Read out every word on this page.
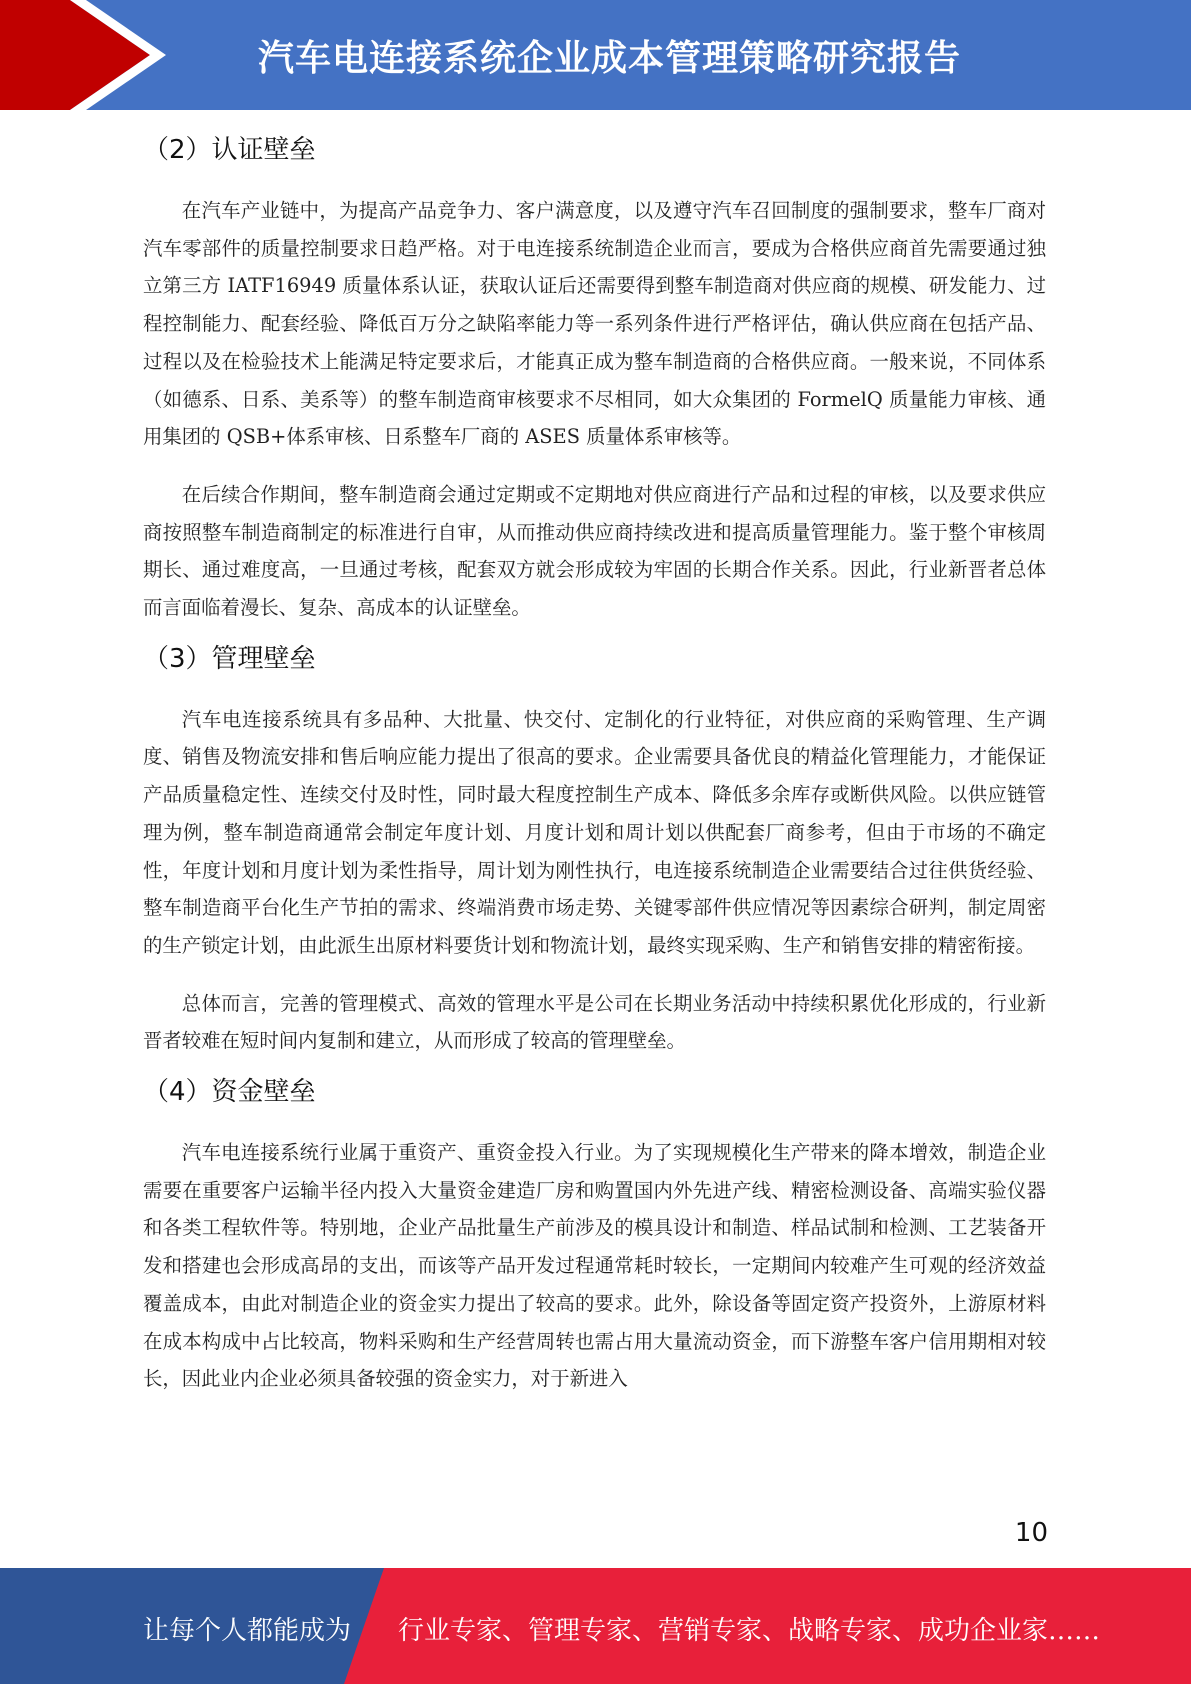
汽车电连接系统企业成本管理策略研究报告
（2）认证壁垒

在汽车产业链中，为提高产品竞争力、客户满意度，以及遵守汽车召回制度的强制要求，整车厂商对汽车零部件的质量控制要求日趋严格。对于电连接系统制造企业而言，要成为合格供应商首先需要通过独立第三方 IATF16949 质量体系认证，获取认证后还需要得到整车制造商对供应商的规模、研发能力、过程控制能力、配套经验、降低百万分之缺陷率能力等一系列条件进行严格评估，确认供应商在包括产品、过程以及在检验技术上能满足特定要求后，才能真正成为整车制造商的合格供应商。一般来说，不同体系（如德系、日系、美系等）的整车制造商审核要求不尽相同，如大众集团的 FormelQ 质量能力审核、通用集团的 QSB+体系审核、日系整车厂商的 ASES 质量体系审核等。

在后续合作期间，整车制造商会通过定期或不定期地对供应商进行产品和过程的审核，以及要求供应商按照整车制造商制定的标准进行自审，从而推动供应商持续改进和提高质量管理能力。鉴于整个审核周期长、通过难度高，一旦通过考核，配套双方就会形成较为牢固的长期合作关系。因此，行业新晋者总体而言面临着漫长、复杂、高成本的认证壁垒。

（3）管理壁垒

汽车电连接系统具有多品种、大批量、快交付、定制化的行业特征，对供应商的采购管理、生产调度、销售及物流安排和售后响应能力提出了很高的要求。企业需要具备优良的精益化管理能力，才能保证产品质量稳定性、连续交付及时性，同时最大程度控制生产成本、降低多余库存或断供风险。以供应链管理为例，整车制造商通常会制定年度计划、月度计划和周计划以供配套厂商参考，但由于市场的不确定性，年度计划和月度计划为柔性指导，周计划为刚性执行，电连接系统制造企业需要结合过往供货经验、整车制造商平台化生产节拍的需求、终端消费市场走势、关键零部件供应情况等因素综合研判，制定周密的生产锁定计划，由此派生出原材料要货计划和物流计划，最终实现采购、生产和销售安排的精密衔接。

总体而言，完善的管理模式、高效的管理水平是公司在长期业务活动中持续积累优化形成的，行业新晋者较难在短时间内复制和建立，从而形成了较高的管理壁垒。

（4）资金壁垒

汽车电连接系统行业属于重资产、重资金投入行业。为了实现规模化生产带来的降本增效，制造企业需要在重要客户运输半径内投入大量资金建造厂房和购置国内外先进产线、精密检测设备、高端实验仪器和各类工程软件等。特别地，企业产品批量生产前涉及的模具设计和制造、样品试制和检测、工艺装备开发和搭建也会形成高昂的支出，而该等产品开发过程通常耗时较长，一定期间内较难产生可观的经济效益覆盖成本，由此对制造企业的资金实力提出了较高的要求。此外，除设备等固定资产投资外，上游原材料在成本构成中占比较高，物料采购和生产经营周转也需占用大量流动资金，而下游整车客户信用期相对较长，因此业内企业必须具备较强的资金实力，对于新进入

10
让每个人都能成为 行业专家、管理专家、营销专家、战略专家、成功企业家……
